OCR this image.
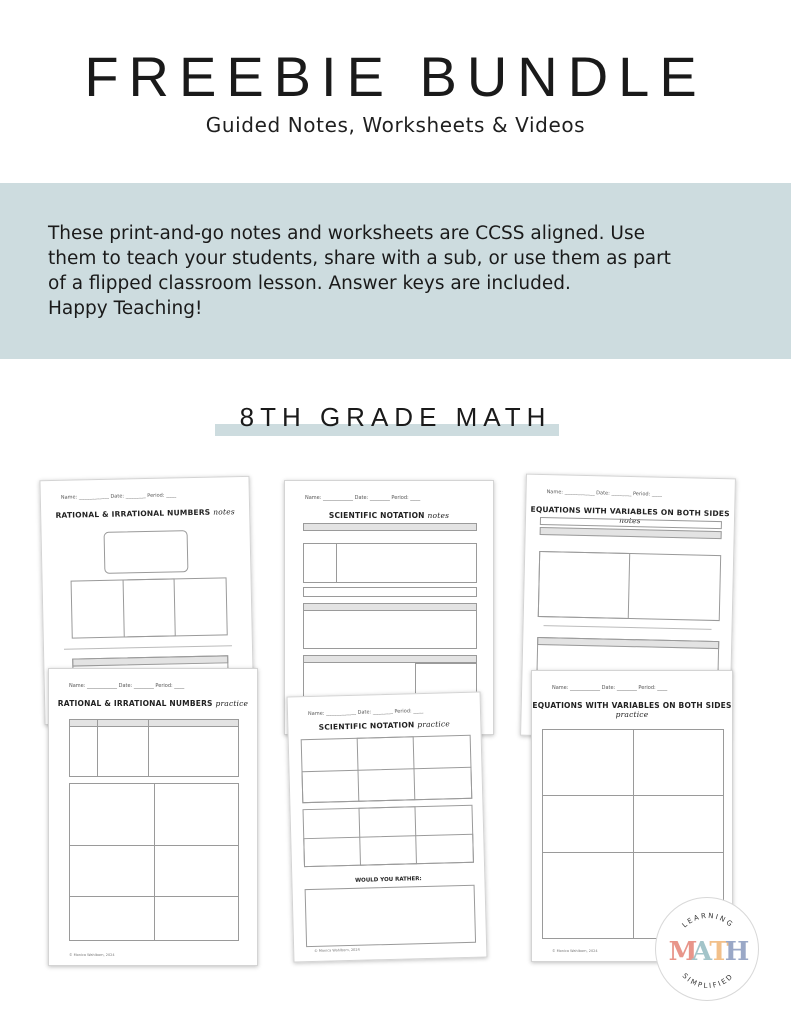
FREEBIE BUNDLE
Guided Notes, Worksheets & Videos

These print-and-go notes and worksheets are CCSS aligned. Use
them to teach your students, share with a sub, or use them as part
of a flipped classroom lesson. Answer keys are included.
Happy Teaching!

8TH GRADE MATH
Name: ____________ Date: ________ Period: ____
RATIONAL & IRRATIONAL NUMBERS notes
Name: ____________ Date: ________ Period: ____
SCIENTIFIC NOTATION notes
Name: ____________ Date: ________ Period: ____
EQUATIONS WITH VARIABLES ON BOTH SIDES notes
Name: ____________ Date: ________ Period: ____
RATIONAL & IRRATIONAL NUMBERS practice
© Monica Wahlbom, 2024
Name: ____________ Date: ________ Period: ____
SCIENTIFIC NOTATION practice
WOULD YOU RATHER:
© Monica Wahlbom, 2024
Name: ____________ Date: ________ Period: ____
EQUATIONS WITH VARIABLES ON BOTH SIDES practice
© Monica Wahlbom, 2024
LEARNING
SIMPLIFIED
M
A
T
H
